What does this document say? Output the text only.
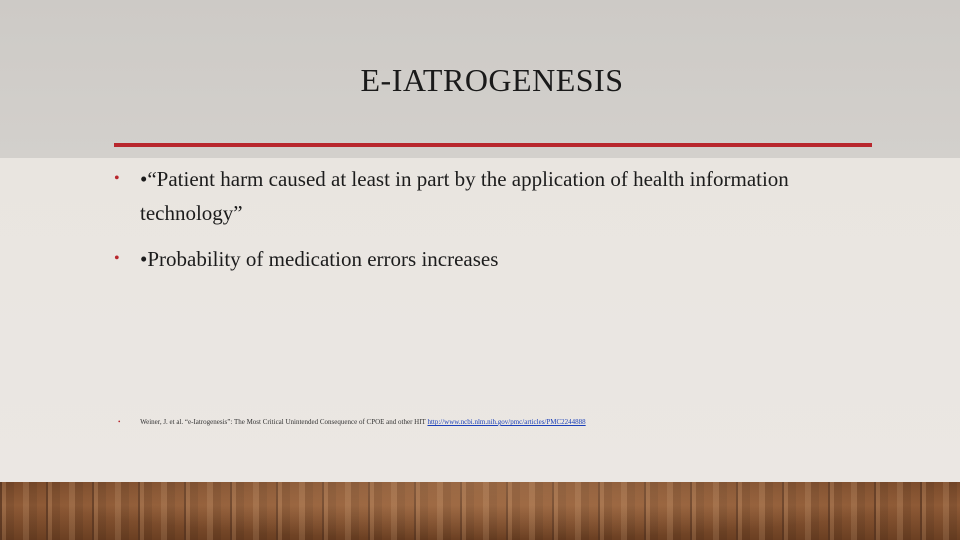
E-IATROGENESIS
• •“Patient harm caused at least in part by the application of health information technology”
• •Probability of medication errors increases
•	Weiner, J. et al. “e-Iatrogenesis”: The Most Critical Unintended Consequence of CPOE and other HIT http://www.ncbi.nlm.nih.gov/pmc/articles/PMC2244888
